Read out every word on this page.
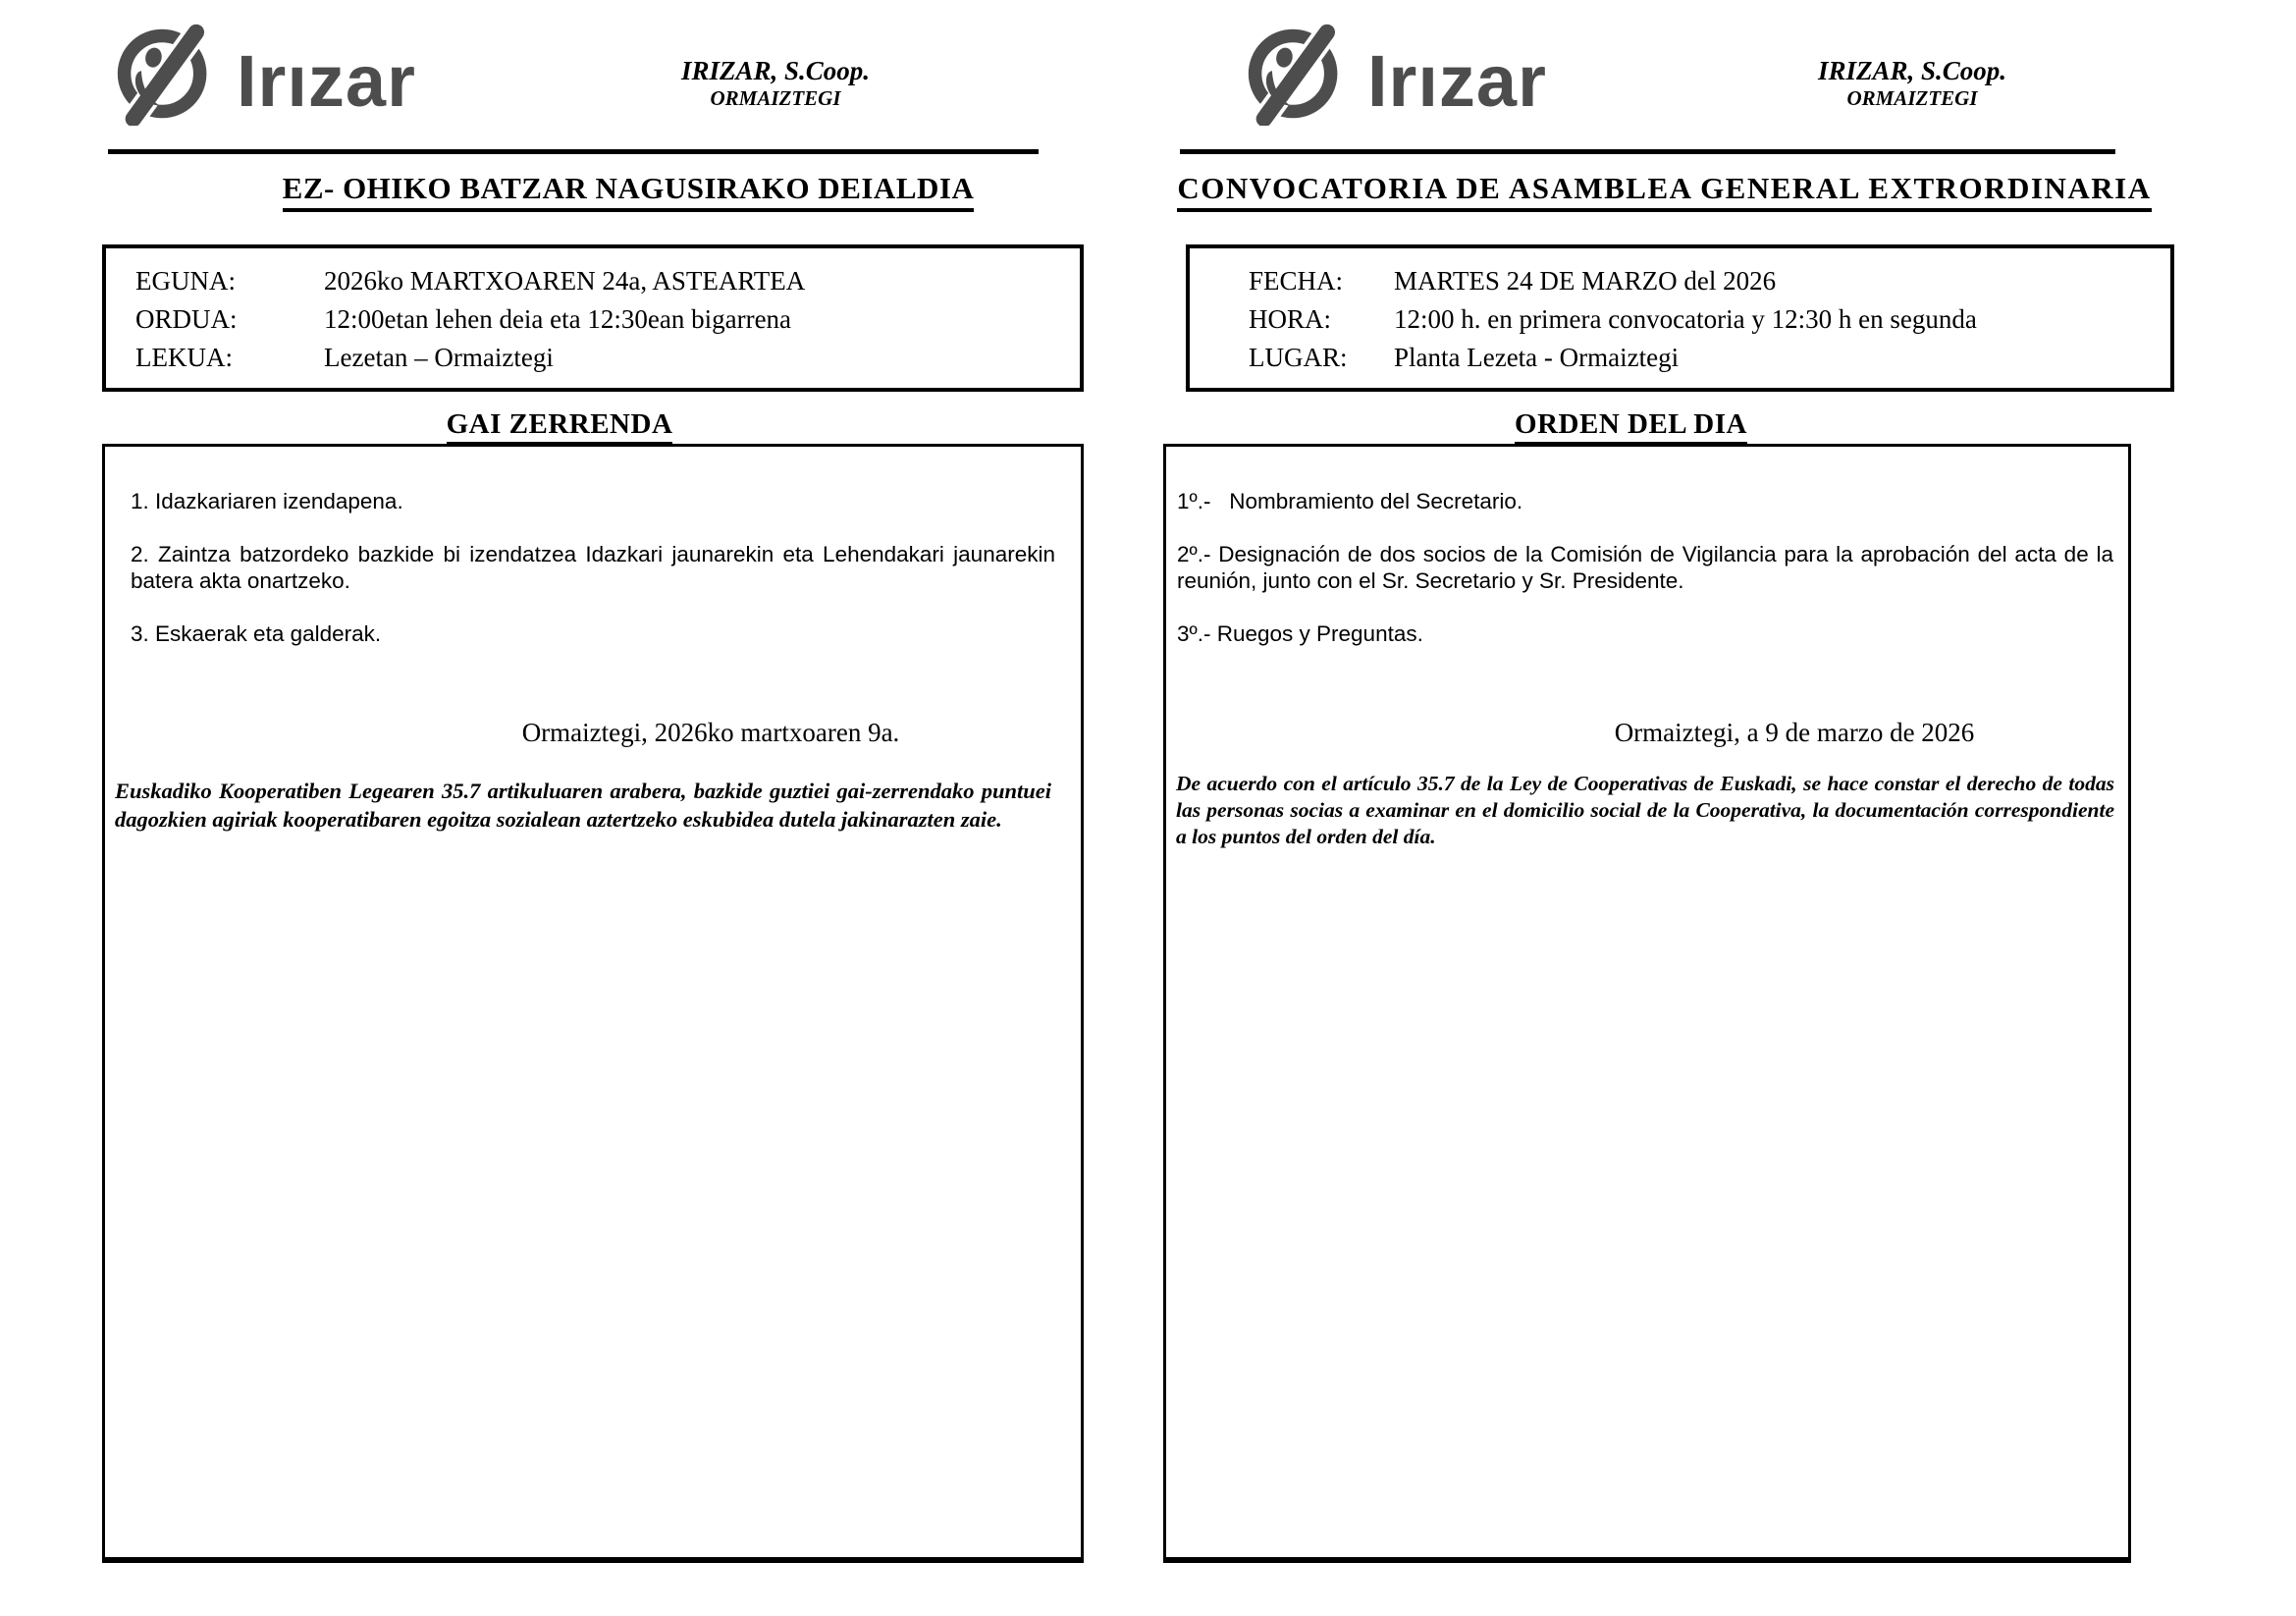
Irızar	IRIZAR, S.Coop.
ORMAIZTEGI
EZ- OHIKO BATZAR NAGUSIRAKO DEIALDIA
EGUNA:	2026ko MARTXOAREN 24a, ASTEARTEA
ORDUA:	12:00etan lehen deia eta 12:30ean bigarrena
LEKUA:	Lezetan – Ormaiztegi
GAI ZERRENDA

1. Idazkariaren izendapena.

2. Zaintza batzordeko bazkide bi izendatzea Idazkari jaunarekin eta Lehendakari jaunarekin batera akta onartzeko.

3. Eskaerak eta galderak.

Ormaiztegi, 2026ko martxoaren 9a.
Euskadiko Kooperatiben Legearen 35.7 artikuluaren arabera, bazkide guztiei gai-zerrendako puntuei dagozkien agiriak kooperatibaren egoitza sozialean aztertzeko eskubidea dutela jakinarazten zaie.
Irızar	IRIZAR, S.Coop.
ORMAIZTEGI
CONVOCATORIA DE ASAMBLEA GENERAL EXTRORDINARIA
FECHA: MARTES 24 DE MARZO del 2026
HORA: 12:00 h. en primera convocatoria y 12:30 h en segunda
LUGAR: Planta Lezeta - Ormaiztegi
ORDEN DEL DIA

1º.-   Nombramiento del Secretario.

2º.- Designación de dos socios de la Comisión de Vigilancia para la aprobación del acta de la reunión, junto con el Sr. Secretario y Sr. Presidente.

3º.- Ruegos y Preguntas.

Ormaiztegi, a 9 de marzo de 2026
De acuerdo con el artículo 35.7 de la Ley de Cooperativas de Euskadi, se hace constar el derecho de todas las personas socias a examinar en el domicilio social de la Cooperativa, la documentación correspondiente a los puntos del orden del día.
